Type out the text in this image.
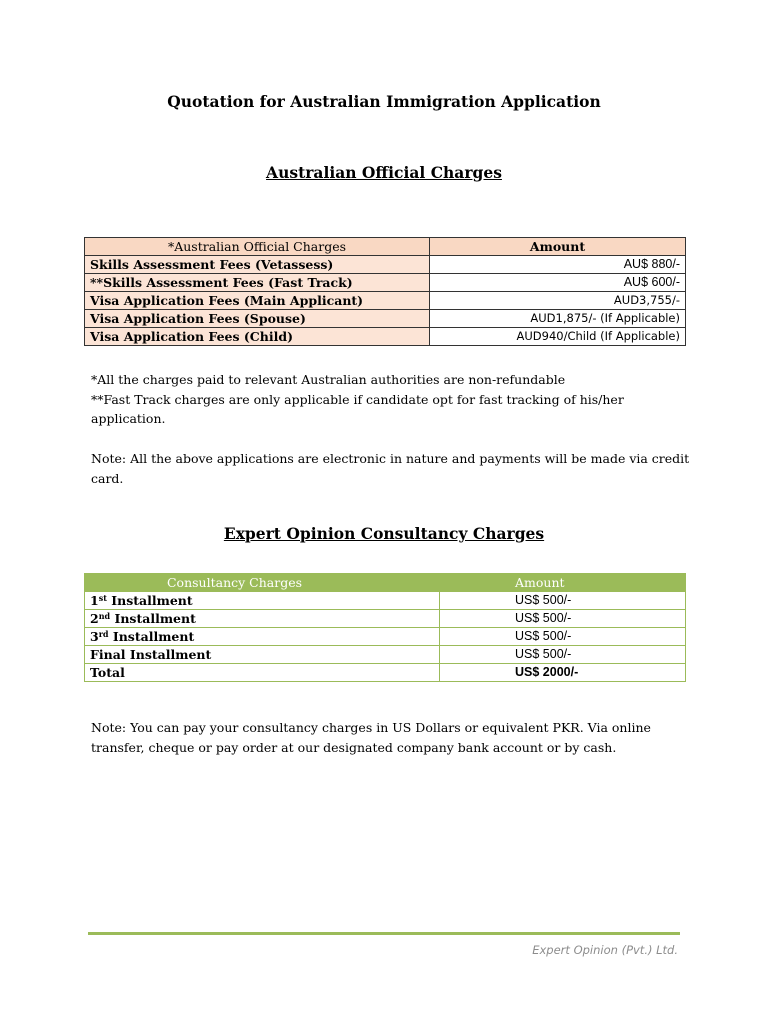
Quotation for Australian Immigration Application
Australian Official Charges
*Australian Official Charges	Amount
Skills Assessment Fees (Vetassess)	AU$ 880/-
**Skills Assessment Fees (Fast Track)	AU$ 600/-
Visa Application Fees (Main Applicant)	AUD3,755/-
Visa Application Fees (Spouse)	AUD1,875/- (If Applicable)
Visa Application Fees (Child)	AUD940/Child (If Applicable)
*All the charges paid to relevant Australian authorities are non-refundable
**Fast Track charges are only applicable if candidate opt for fast tracking of his/her application.
Note: All the above applications are electronic in nature and payments will be made via credit card.
Expert Opinion Consultancy Charges
Consultancy Charges	Amount
1st Installment	US$ 500/-
2nd Installment	US$ 500/-
3rd Installment	US$ 500/-
Final Installment	US$ 500/-
Total	US$ 2000/-
Note: You can pay your consultancy charges in US Dollars or equivalent PKR. Via online transfer, cheque or pay order at our designated company bank account or by cash.
Expert Opinion (Pvt.) Ltd.
